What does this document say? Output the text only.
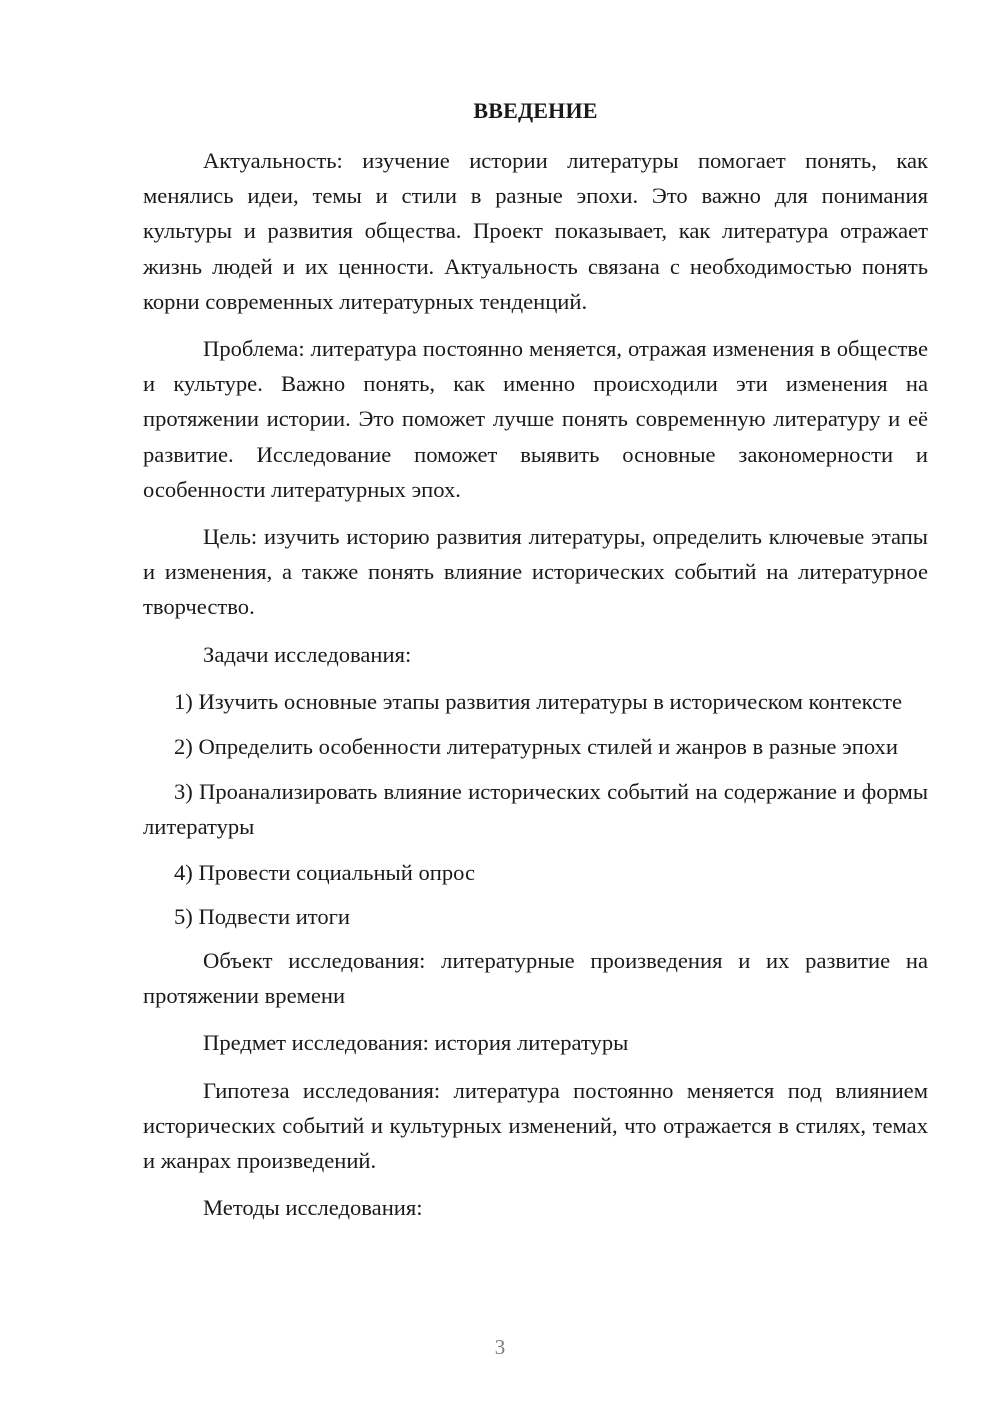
ВВЕДЕНИЕ

Актуальность: изучение истории литературы помогает понять, как менялись идеи, темы и стили в разные эпохи. Это важно для понимания культуры и развития общества. Проект показывает, как литература отражает жизнь людей и их ценности. Актуальность связана с необходимостью понять корни современных литературных тенденций.

Проблема: литература постоянно меняется, отражая изменения в обществе и культуре. Важно понять, как именно происходили эти изменения на протяжении истории. Это поможет лучше понять современную литературу и её развитие. Исследование поможет выявить основные закономерности и особенности литературных эпох.

Цель: изучить историю развития литературы, определить ключевые этапы и изменения, а также понять влияние исторических событий на литературное творчество.

Задачи исследования:

1) Изучить основные этапы развития литературы в историческом контексте

2) Определить особенности литературных стилей и жанров в разные эпохи

3) Проанализировать влияние исторических событий на содержание и формы литературы

4) Провести социальный опрос

5) Подвести итоги

Объект исследования: литературные произведения и их развитие на протяжении времени

Предмет исследования: история литературы

Гипотеза исследования: литература постоянно меняется под влиянием исторических событий и культурных изменений, что отражается в стилях, темах и жанрах произведений.

Методы исследования:

3
